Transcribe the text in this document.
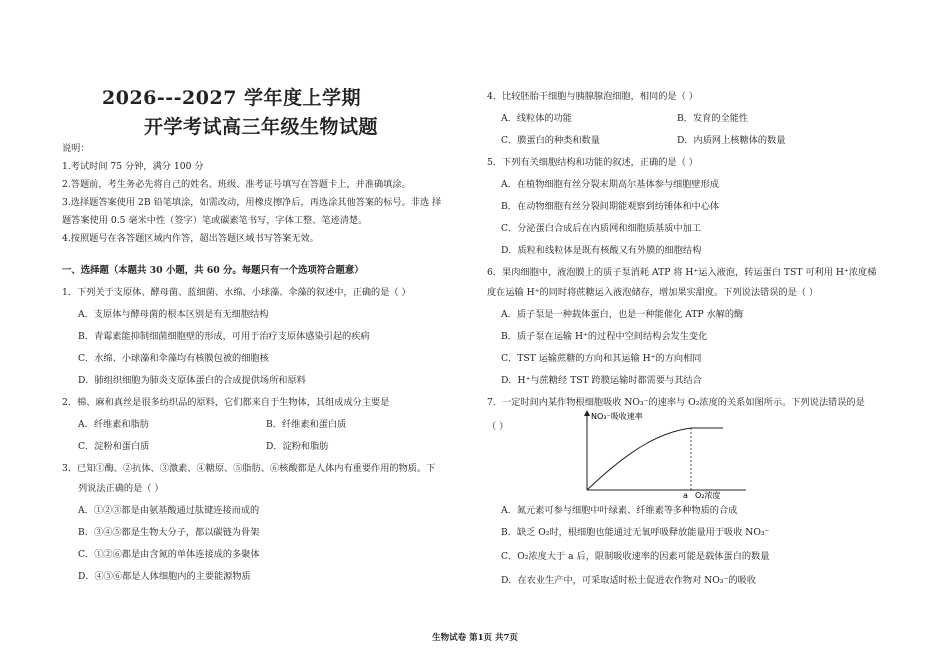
2026---2027 学年度上学期
开学考试高三年级生物试题
说明：
1.考试时间 75 分钟，满分 100 分
2.答题前，考生务必先将自己的姓名、班级、准考证号填写在答题卡上，并准确填涂。
3.选择题答案使用 2B 铅笔填涂，如需改动，用橡皮擦净后，再选涂其他答案的标号。非选 择
题答案使用 0.5 毫米中性（签字）笔或碳素笔书写，字体工整、笔迹清楚。
4.按照题号在各答题区域内作答，超出答题区域书写答案无效。
一、选择题（本题共 30 小题，共 60 分。每题只有一个选项符合题意）
1．下列关于支原体、酵母菌、蓝细菌、水绵、小球藻、伞藻的叙述中，正确的是（ ）
A．支原体与酵母菌的根本区别是有无细胞结构
B．青霉素能抑制细菌细胞壁的形成，可用于治疗支原体感染引起的疾病
C．水绵、小球藻和伞藻均有核膜包被的细胞核
D．肺组织细胞为肺炎支原体蛋白的合成提供场所和原料
2．棉、麻和真丝是很多纺织品的原料，它们都来自于生物体，其组成成分主要是
A．纤维素和脂肪	B．纤维素和蛋白质
C．淀粉和蛋白质	D．淀粉和脂肪
3．已知①酶、②抗体、③激素、④糖原、⑤脂肪、⑥核酸都是人体内有重要作用的物质。下
列说法正确的是（ ）
A．①②③都是由氨基酸通过肽键连接而成的
B．③④⑤都是生物大分子，都以碳链为骨架
C．①②⑥都是由含氮的单体连接成的多聚体
D．④⑤⑥都是人体细胞内的主要能源物质
4．比较胚胎干细胞与胰腺腺泡细胞，相同的是（ ）
A．线粒体的功能	B．发育的全能性
C．膜蛋白的种类和数量	D．内质网上核糖体的数量
5．下列有关细胞结构和功能的叙述，正确的是（ ）
A．在植物细胞有丝分裂末期高尔基体参与细胞壁形成
B．在动物细胞有丝分裂间期能观察到纺锤体和中心体
C．分泌蛋白合成后在内质网和细胞质基质中加工
D．质粒和线粒体是既有核酸又有外膜的细胞结构
6．果肉细胞中，液泡膜上的质子泵消耗 ATP 将 H⁺运入液泡，转运蛋白 TST 可利用 H⁺浓度梯
度在运输 H⁺的同时将蔗糖运入液泡储存，增加果实甜度。下列说法错误的是（ ）
A．质子泵是一种载体蛋白，也是一种能催化 ATP 水解的酶
B．质子泵在运输 H⁺的过程中空间结构会发生变化
C．TST 运输蔗糖的方向和其运输 H⁺的方向相同
D．H⁺与蔗糖经 TST 跨膜运输时都需要与其结合
7．一定时间内某作物根细胞吸收 NO₃⁻的速率与 O₂浓度的关系如图所示。下列说法错误的是
（ ）
NO₃⁻吸收速率
a O₂浓度
A．氮元素可参与细胞中叶绿素、纤维素等多种物质的合成
B．缺乏 O₂时，根细胞也能通过无氧呼吸释放能量用于吸收 NO₃⁻
C．O₂浓度大于 a 后，限制吸收速率的因素可能是载体蛋白的数量
D．在农业生产中，可采取适时松土促进农作物对 NO₃⁻的吸收
生物试卷 第1页 共7页
